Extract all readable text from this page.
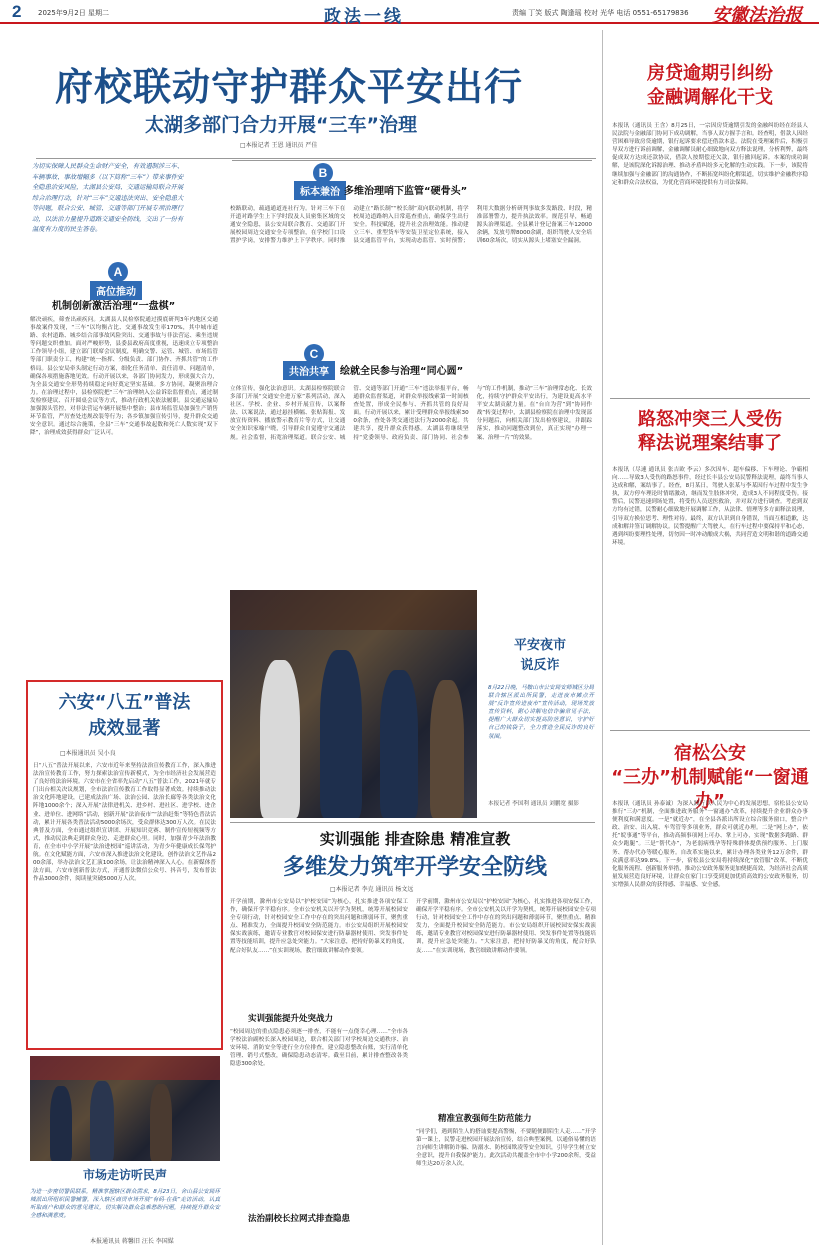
2 2025年9月2日 星期二	政法一线	责编 丁笑 版式 陶逢瑶 校对 光华 电话 0551-65179836 安徽法治报
府校联动守护群众平安出行
太湖多部门合力开展“三车”治理
□本报记者 王恩 通讯员 严佳
为切实保障人民群众生命财产安全，有效遏制涉三车、车辆事故、事故增幅多（以下简称“三车”）带来事件安全隐患治安风险，太湖县公安局、交通运输局联合开展综合治理行动，针对“三车”交通违法突出、安全隐患大等问题，联合公安、城管、交通等部门开展专项治理行动，以法治力量提升道路交通安全防线，交出了一份有温度有力度的民生答卷。
A
高位推动
机制创新激活治理“一盘棋”
解决顽疾，筛查出顽疾问。太湖县人民检察院通过摸底研判3年内地区交通事故案件发现，“三车”以均衡占比、交通事故发生率170%，其中城市道路、农村道路、城乡结合部事故风险突出、交通事故与非法营运、乘坐违规等问题交织叠加。面对严峻形势，县委县政府高度重视，迅速成立专项整治工作领导小组，建立部门联席会议制度，明确交警、运管、城管、市场监管等部门职责分工，构建“统一指挥、分级负责、部门协作、齐抓共管”的工作格局。县公安局牵头制定行动方案，细化任务清单、责任清单、问题清单，确保各项措施落地见效。行动开展以来，各部门协同发力，形成强大合力，为全县交通安全形势持续稳定向好奠定坚实基础。多方协同，凝聚治理合力。在治理过程中，县检察院把“三车”治理纳入公益诉讼监督重点，通过制发检察建议、召开圆桌会议等方式，推动行政机关依法履职。县交通运输局加强源头管控，对非法营运车辆开展集中整治；县市场监管局加强生产销售环节监管，严厉查处违规改装等行为；各乡镇加强宣传引导，提升群众交通安全意识。通过综合施策，全县“三车”交通事故起数和死亡人数实现“双下降”，治理成效获得群众广泛认可。
B
标本兼治 多维治理哨下监管“硬骨头”
校路联动，疏通通道连社行为。针对三车下在开道对路学生上下学时段及人员密集区域的交通安全隐患，县公安局联合教育、交通部门开展校园周边交通安全专项整治，在学校门口设置护学岗，安排警力维护上下学秩序。同时推动建立“路长制”“校长制”双向联动机制，将学校周边道路纳入日常巡查重点，确保学生出行安全。科技赋能，提升社会治理效能。推动建立三车、重型货车等安装卫星定位系统，接入县交通监管平台，实现动态监管、实时预警；利用大数据分析研判事故多发路段、时段，精准部署警力，提升执法效率。规范引导，畅通源头治理渠道。全县累计登记备案三车12000余辆，发放号牌8000余副，组织驾驶人安全培训60余场次，切实从源头上堵塞安全漏洞。
C
共治共享	绘就全民参与治理“同心圆”
立体宣传，强化法治意识。太湖县检察院联合多部门开展“交通安全进万家”系列活动，深入社区、学校、企业、乡村开展宣传，以案释法、以案说法，通过悬挂横幅、张贴海报、发放宣传资料、播放警示教育片等方式，让交通安全知识家喻户晓，引导群众自觉遵守交通法规。社会监督，拓宽治理渠道。联合公安、城管、交通等部门开通“三车”违法举报平台，畅通群众监督渠道，对群众举报线索第一时间核查处置，形成全民参与、齐抓共管的良好局面。行动开展以来，累计受理群众举报线索300余条，查处各类交通违法行为2000余起。共建共享，提升群众获得感。太湖县将继续坚持“党委领导、政府负责、部门协同、社会参与”的工作机制，推动“三车”治理常态化、长效化，持续守护群众平安出行，为建设更高水平平安太湖贡献力量。在“台自为营”到“协同作战”转变过程中，太湖县检察院在治理中发现部分问题后，向相关部门发出检察建议，并跟踪落实，推动问题整改到位，真正实现“办理一案、治理一片”的效果。
房贷逾期引纠纷
金融调解化干戈
本报讯（通讯员 王含）8月25日，一宗因房贷逾期引发的金融纠纷经在经县人民法院与金融部门协同下成功调解，当事人双方握手言和。经查明，借款人因经营困难导致房贷逾期，银行起诉要求偿还借款本息。法院在受理案件后，积极引导双方进行诉前调解，金融调解员耐心细致地向双方释法说理，分析利弊，最终促成双方达成还款协议，借款人按期偿还欠款，银行撤回起诉。本案的成功调解，是该院深化诉源治理、推动矛盾纠纷多元化解的生动实践。下一步，该院将继续加强与金融部门的沟通协作，不断拓宽纠纷化解渠道，切实维护金融秩序稳定和群众合法权益，为优化营商环境提供有力司法保障。
路怒冲突三人受伤
释法说理案结事了
本报讯（尽速 通讯员 张吉欧 李云）多次因车、超车偏移、下车理论、争霸相向……导致3人受伤的路怒事件，经过长丰县公安局民警释法说理，最终当事人达成和解，案结事了。经查，8月某日，驾驶人张某与李某因行车过程中发生争执，双方停车理论时情绪激动，继而发生肢体冲突，造成3人不同程度受伤。接警后，民警迅速到场处置，将受伤人员送医救治，并对双方进行调查。考虑到双方均有过错，民警耐心细致地开展调解工作，从法律、情理等多方面释法说理，引导双方换位思考、理性对待。最终，双方认识到自身错误，当面互相道歉，达成和解并签订调解协议。民警提醒广大驾驶人，在行车过程中要保持平和心态，遇到纠纷要理性处理，切勿因一时冲动酿成大祸，共同营造文明和谐的道路交通环境。
宿松公安
“三办”机制赋能“一窗通办”
本报讯（通讯员 孙泰诚）为深入践行以人民为中心的发展思想，宿松县公安局推行“三办”机制，全面推进政务服务“一窗通办”改革，持续提升企业群众办事便利度和满意度。一是“就近办”，在全县各派出所设立综合服务窗口，整合户政、治安、出入境、车驾管等多项业务，群众可就近办理。二是“网上办”，依托“皖事通”等平台，推动高频事项网上可办、掌上可办，实现“数据多跑路、群众少跑腿”。三是“帮代办”，为老弱病残孕等特殊群体提供预约服务、上门服务、帮办代办等暖心服务。自改革实施以来，累计办理各类业务12万余件，群众满意率达99.8%。下一步，宿松县公安局将持续深化“放管服”改革，不断优化服务流程、创新服务举措，推动公安政务服务更加便捷高效，为经济社会高质量发展营造良好环境，让群众在家门口享受到更加优质高效的公安政务服务，切实增强人民群众的获得感、幸福感、安全感。
六安“八五”普法
成效显著
□本报通讯员 吴小良
日“八五”普法开展以来，六安市近年来坚持法治宣传教育工作，深入推进法治宣传教育工作，努力探索法治宣传新模式，为全市经济社会发展营造了良好的法治环境。六安市在全省率先启动“八五”普法工作，2021年就专门出台相关决议规划，全市法治宣传教育工作取得显著成效。持续推动法治文化阵地建设，已建成法治广场、法治公园、法治长廊等各类法治文化阵地1000余个；深入开展“法律进机关、进乡村、进社区、进学校、进企业、进单位、进网络”活动，创新开展“法治夜市”“法治赶集”等特色普法活动，累计开展各类普法活动5000余场次，受众群体达300万人次。在民法典普及方面，全市通过组织宣讲团、开展知识竞赛、制作宣传短视频等方式，推动民法典走到群众身边、走进群众心里。同时，加强青少年法治教育，在全市中小学开展“法治进校园”巡讲活动，为青少年健康成长保驾护航。在文化赋能方面，六安市深入推进法治文化建设，创作法治文艺作品200余部，举办法治文艺汇演100余场，让法治精神深入人心。在新媒体普法方面，六安市创新普法方式，开通普法微信公众号、抖音号，发布普法作品3000余件，阅读量突破5000万人次。
市场走访听民声
为进一步密切警民联系，精准掌握辖区群众需求，8月23日，舍山县公安局环城派出所组织民警辅警，深入辖区商贸市场开展“有码·在我”走访活动，认真听取商户和群众的意见建议，切实解决群众急难愁盼问题，持续提升群众安全感和满意度。
本报通讯员 蒋馨旧 汪长 李国媒
平安夜市
说反诈
8月22日晚，马鞍山市公安局安师城区分局联合辖区派出所民警，走进夜市摊点开展“反诈宣传进夜市”宣传活动，现场发放宣传资料，耐心讲解电信诈骗常见手法，提醒广大群众切实提高防范意识，守护好自己的钱袋子，全力营造全民反诈的良好氛围。
本报记者 李国利 通讯员 刘鹏宽 摄影
实训强能 排查除患 精准宣教
多维发力筑牢开学安全防线
□本报记者 李克 通讯员 杨文远
开学前期，滁州市公安局以“护校安园”为核心，扎实推进各项安保工作，确保开学平稳有序。全市公安机关以开学为契机，统筹开展校园安全专项行动，针对校园安全工作中存在的突出问题和薄弱环节，聚焦重点、精准发力，全面提升校园安全防范能力。市公安局组织开展校园安保实战演练，邀请专业教官对校园保安进行防暴器材使用、突发事件处置等技能培训，提升应急处突能力。“大家注意，把持好防暴叉的角度，配合好队友……”在实训现场，教官细致讲解动作要领。
实训强能提升处突战力
“校园周边的重点隐患必须逐一排查，不能有一点侥幸心理……”全市各学校法治副校长深入校园周边，联合相关部门对学校周边交通秩序、治安环境、消防安全等进行全方位排查，建立隐患整改台账，实行清单化管理、销号式整改，确保隐患动态清零。截至目前，累计排查整改各类隐患300余处。
法治副校长拉网式排查隐患
开学前期，滁州市公安局以“护校安园”为核心，扎实推进各项安保工作，确保开学平稳有序。全市公安机关以开学为契机，统筹开展校园安全专项行动，针对校园安全工作中存在的突出问题和薄弱环节，聚焦重点、精准发力，全面提升校园安全防范能力。市公安局组织开展校园安保实战演练，邀请专业教官对校园保安进行防暴器材使用、突发事件处置等技能培训，提升应急处突能力。“大家注意，把持好防暴叉的角度，配合好队友……”在实训现场，教官细致讲解动作要领。
精准宣教强师生防范能力
“同学们，遇到陌生人的搭讪要提高警惕，不要随便跟陌生人走……”开学第一课上，民警走进校园开展法治宣传，结合典型案例，以通俗易懂的语言向师生讲解防诈骗、防溺水、防校园欺凌等安全知识，引导学生树立安全意识，提升自我保护能力。此次活动共覆盖全市中小学200余所，受益师生达20万余人次。
